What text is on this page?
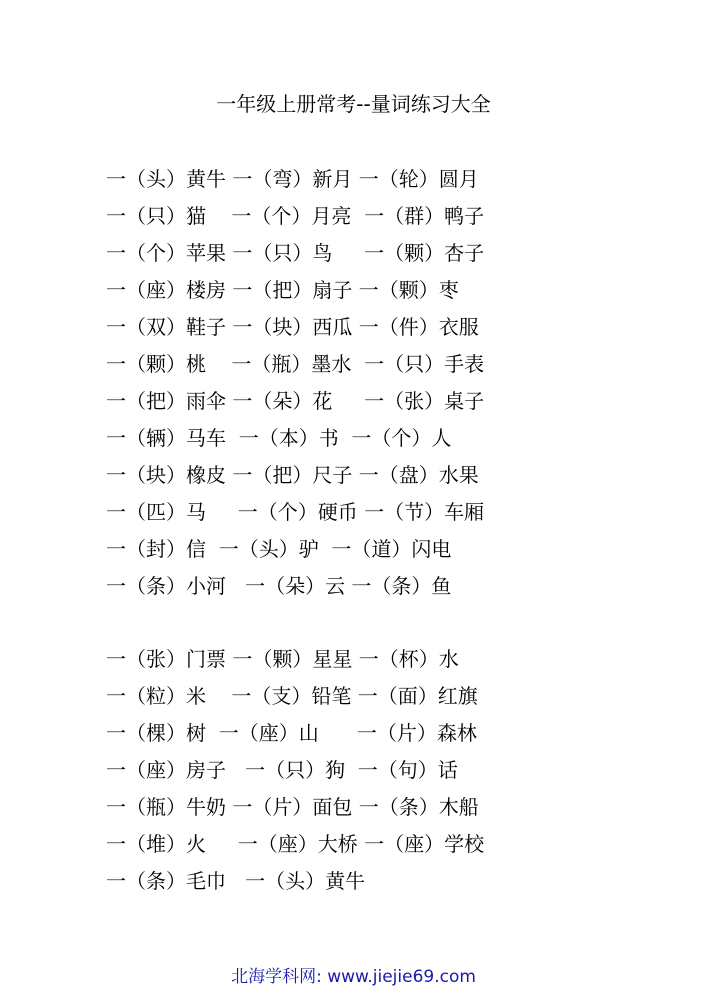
一年级上册常考--量词练习大全
一（头）黄牛 一（弯）新月 一（轮）圆月
一（只）猫    一（个）月亮  一（群）鸭子
一（个）苹果 一（只）鸟     一（颗）杏子
一（座）楼房 一（把）扇子 一（颗）枣
一（双）鞋子 一（块）西瓜 一（件）衣服
一（颗）桃    一（瓶）墨水  一（只）手表
一（把）雨伞 一（朵）花     一（张）桌子
一（辆）马车  一（本）书  一（个）人
一（块）橡皮 一（把）尺子 一（盘）水果
一（匹）马     一（个）硬币 一（节）车厢
一（封）信  一（头）驴  一（道）闪电
一（条）小河   一（朵）云 一（条）鱼
一（张）门票 一（颗）星星 一（杯）水
一（粒）米    一（支）铅笔 一（面）红旗
一（棵）树  一（座）山      一（片）森林
一（座）房子   一（只）狗  一（句）话
一（瓶）牛奶 一（片）面包 一（条）木船
一（堆）火     一（座）大桥 一（座）学校
一（条）毛巾   一（头）黄牛
北海学科网: www.jiejie69.com
